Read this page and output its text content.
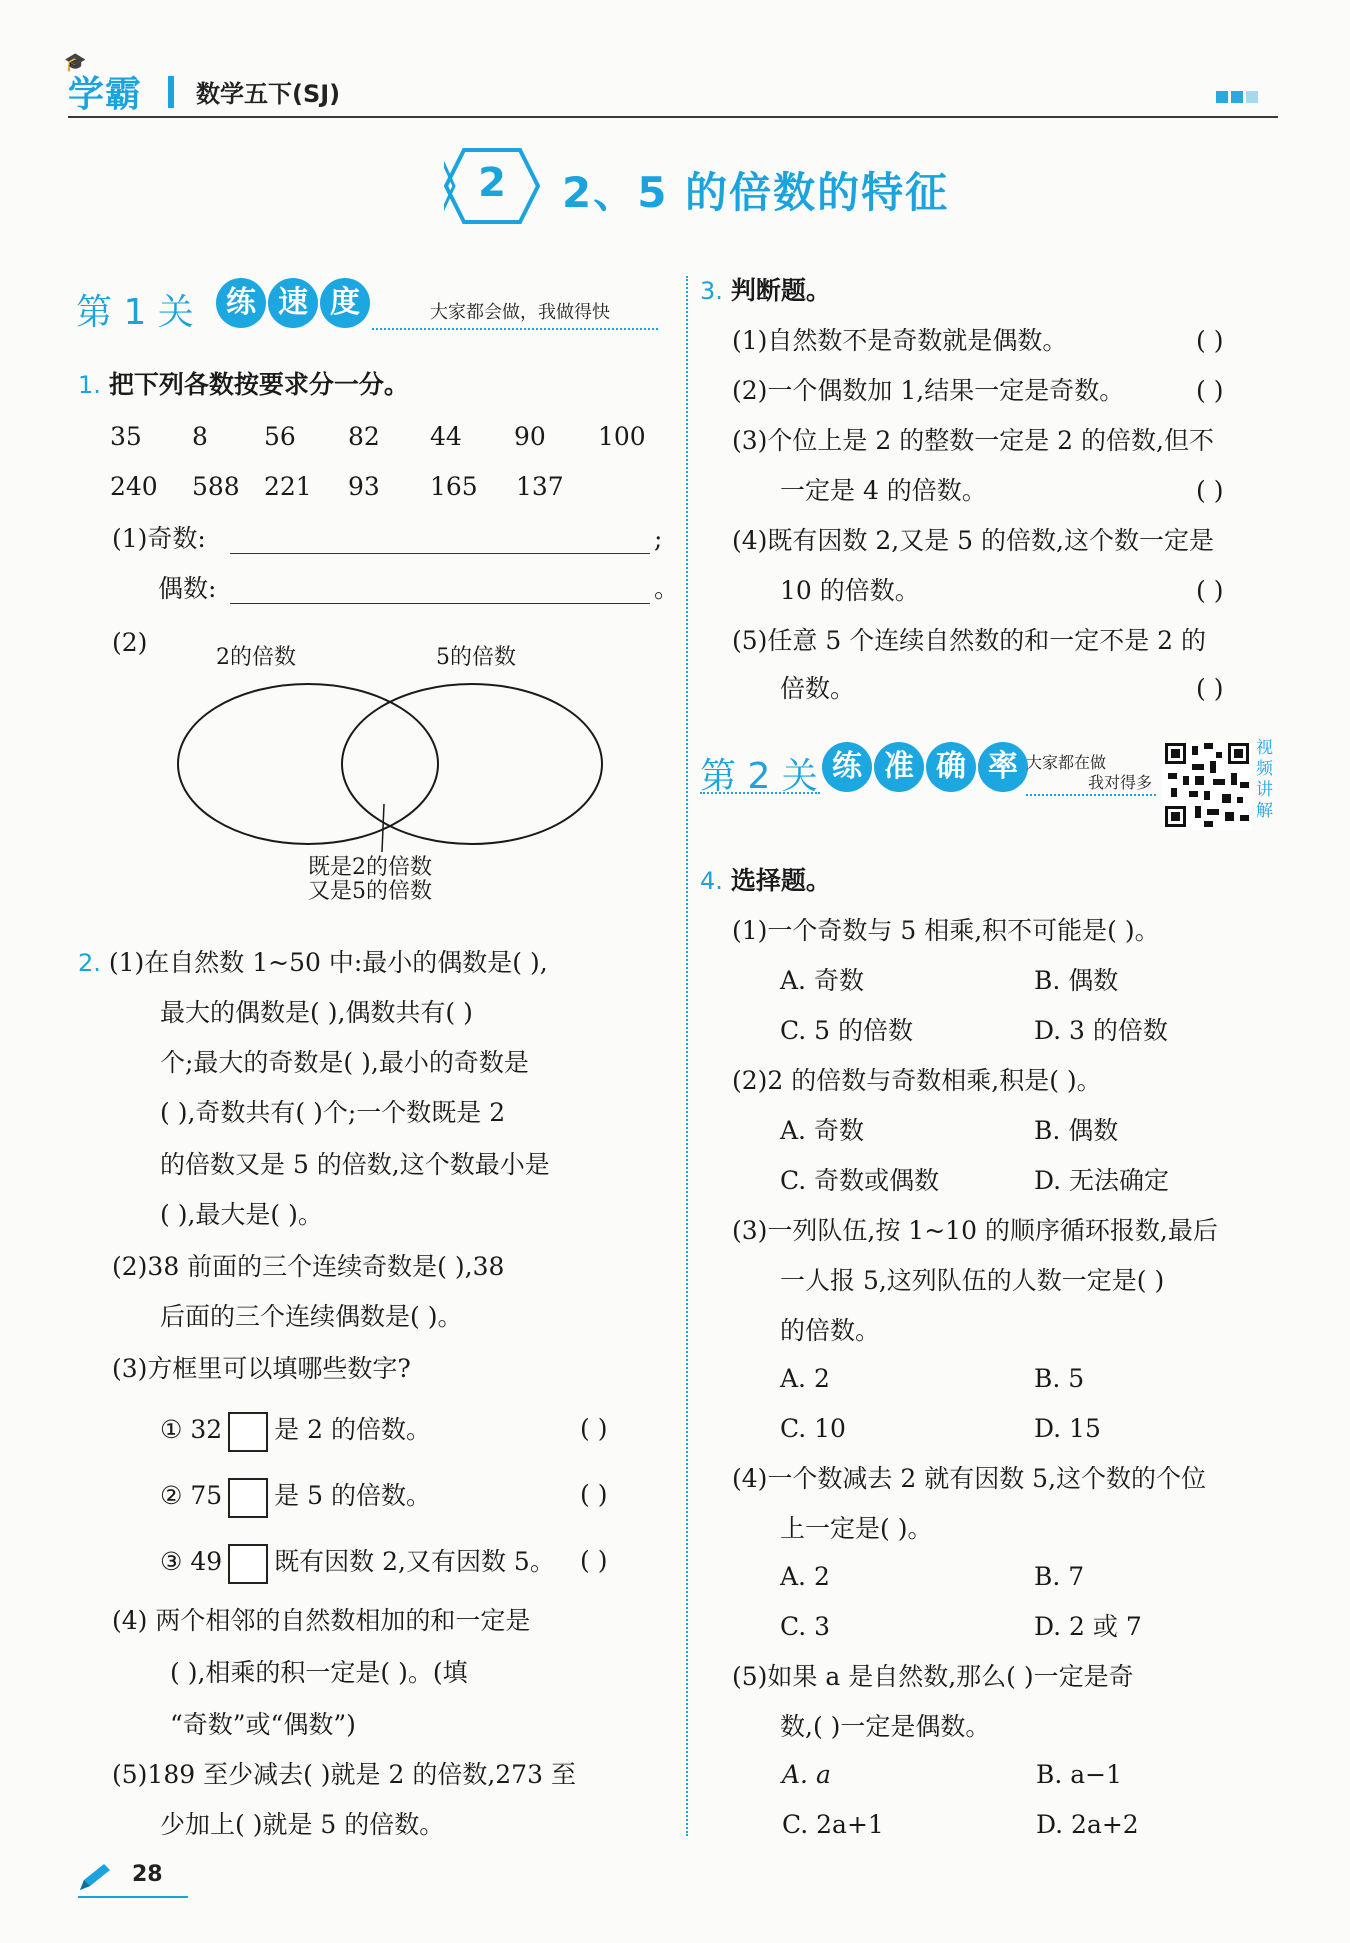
🎓
学霸 数学五下(SJ)
2	2、5 的倍数的特征
第 1 关	练 速 度	大家都会做，我做得快
1. 把下列各数按要求分一分。
35 8 56 82 44 90 100
240 588 221 93 165 137
(1)奇数:	;
偶数:	。
(2)
2的倍数	5的倍数
既是2的倍数
又是5的倍数
2. (1)在自然数 1~50 中:最小的偶数是( ),
最大的偶数是( ),偶数共有( )
个;最大的奇数是( ),最小的奇数是
( ),奇数共有( )个;一个数既是 2
的倍数又是 5 的倍数,这个数最小是
( ),最大是( )。
(2)38 前面的三个连续奇数是( ),38
后面的三个连续偶数是( )。
(3)方框里可以填哪些数字?
① 32 是 2 的倍数。	( )
② 75 是 5 的倍数。	( )
③ 49 既有因数 2,又有因数 5。 ( )
(4) 两个相邻的自然数相加的和一定是
( ),相乘的积一定是( )。(填
“奇数”或“偶数”)
(5)189 至少减去( )就是 2 的倍数,273 至
少加上( )就是 5 的倍数。
3. 判断题。
(1)自然数不是奇数就是偶数。	( )
(2)一个偶数加 1,结果一定是奇数。	( )
(3)个位上是 2 的整数一定是 2 的倍数,但不
一定是 4 的倍数。	( )
(4)既有因数 2,又是 5 的倍数,这个数一定是
10 的倍数。	( )
(5)任意 5 个连续自然数的和一定不是 2 的
倍数。	( )
第 2 关 练 准 确 率 大家都在做
我对得多
视
频
讲
解
4. 选择题。
(1)一个奇数与 5 相乘,积不可能是( )。
A. 奇数	B. 偶数
C. 5 的倍数	D. 3 的倍数
(2)2 的倍数与奇数相乘,积是( )。
A. 奇数	B. 偶数
C. 奇数或偶数	D. 无法确定
(3)一列队伍,按 1~10 的顺序循环报数,最后
一人报 5,这列队伍的人数一定是( )
的倍数。
A. 2	B. 5
C. 10	D. 15
(4)一个数减去 2 就有因数 5,这个数的个位
上一定是( )。
A. 2	B. 7
C. 3	D. 2 或 7
(5)如果 a 是自然数,那么( )一定是奇
数,( )一定是偶数。
A. a	B. a−1
C. 2a+1	D. 2a+2
28
